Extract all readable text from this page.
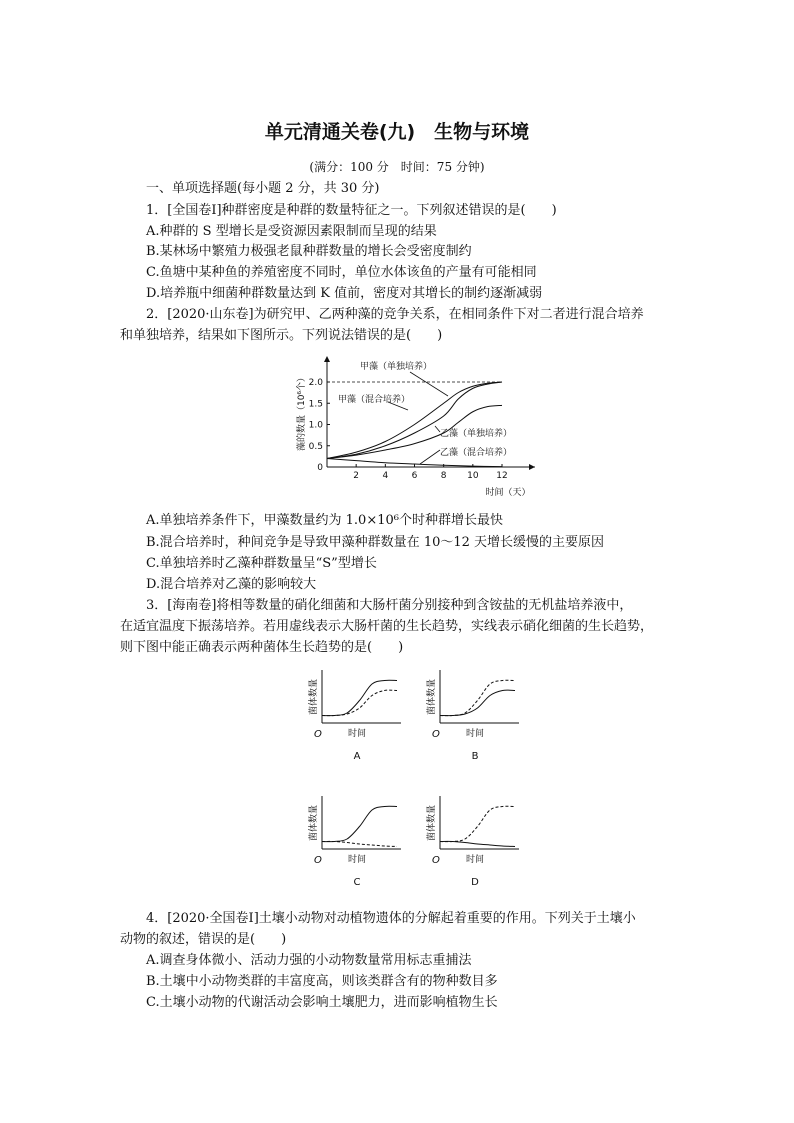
单元清通关卷(九)　生物与环境
(满分：100 分　时间：75 分钟)
一、单项选择题(每小题 2 分，共 30 分)
1．[全国卷Ⅰ]种群密度是种群的数量特征之一。下列叙述错误的是(　　)
A.种群的 S 型增长是受资源因素限制而呈现的结果
B.某林场中繁殖力极强老鼠种群数量的增长会受密度制约
C.鱼塘中某种鱼的养殖密度不同时，单位水体该鱼的产量有可能相同
D.培养瓶中细菌种群数量达到 K 值前，密度对其增长的制约逐渐减弱
2．[2020·山东卷]为研究甲、乙两种藻的竞争关系，在相同条件下对二者进行混合培养
和单独培养，结果如下图所示。下列说法错误的是(　　)
2	4	6	8 10 12
0
0.5
1.0
1.5
2.0
甲藻（单独培养）
甲藻（混合培养）
乙藻（单独培养）
乙藻（混合培养）
时间（天）
藻的数量（10⁶个）
A.单独培养条件下，甲藻数量约为 1.0×10⁶个时种群增长最快
B.混合培养时，种间竞争是导致甲藻种群数量在 10～12 天增长缓慢的主要原因
C.单独培养时乙藻种群数量呈“S”型增长
D.混合培养对乙藻的影响较大
3．[海南卷]将相等数量的硝化细菌和大肠杆菌分别接种到含铵盐的无机盐培养液中，
在适宜温度下振荡培养。若用虚线表示大肠杆菌的生长趋势，实线表示硝化细菌的生长趋势，
则下图中能正确表示两种菌体生长趋势的是(　　)
O	时间
菌体数量
A
O	时间
菌体数量
B
O	时间
菌体数量
C
O	时间
菌体数量
D
4．[2020·全国卷Ⅰ]土壤小动物对动植物遗体的分解起着重要的作用。下列关于土壤小
动物的叙述，错误的是(　　)
A.调查身体微小、活动力强的小动物数量常用标志重捕法
B.土壤中小动物类群的丰富度高，则该类群含有的物种数目多
C.土壤小动物的代谢活动会影响土壤肥力，进而影响植物生长
